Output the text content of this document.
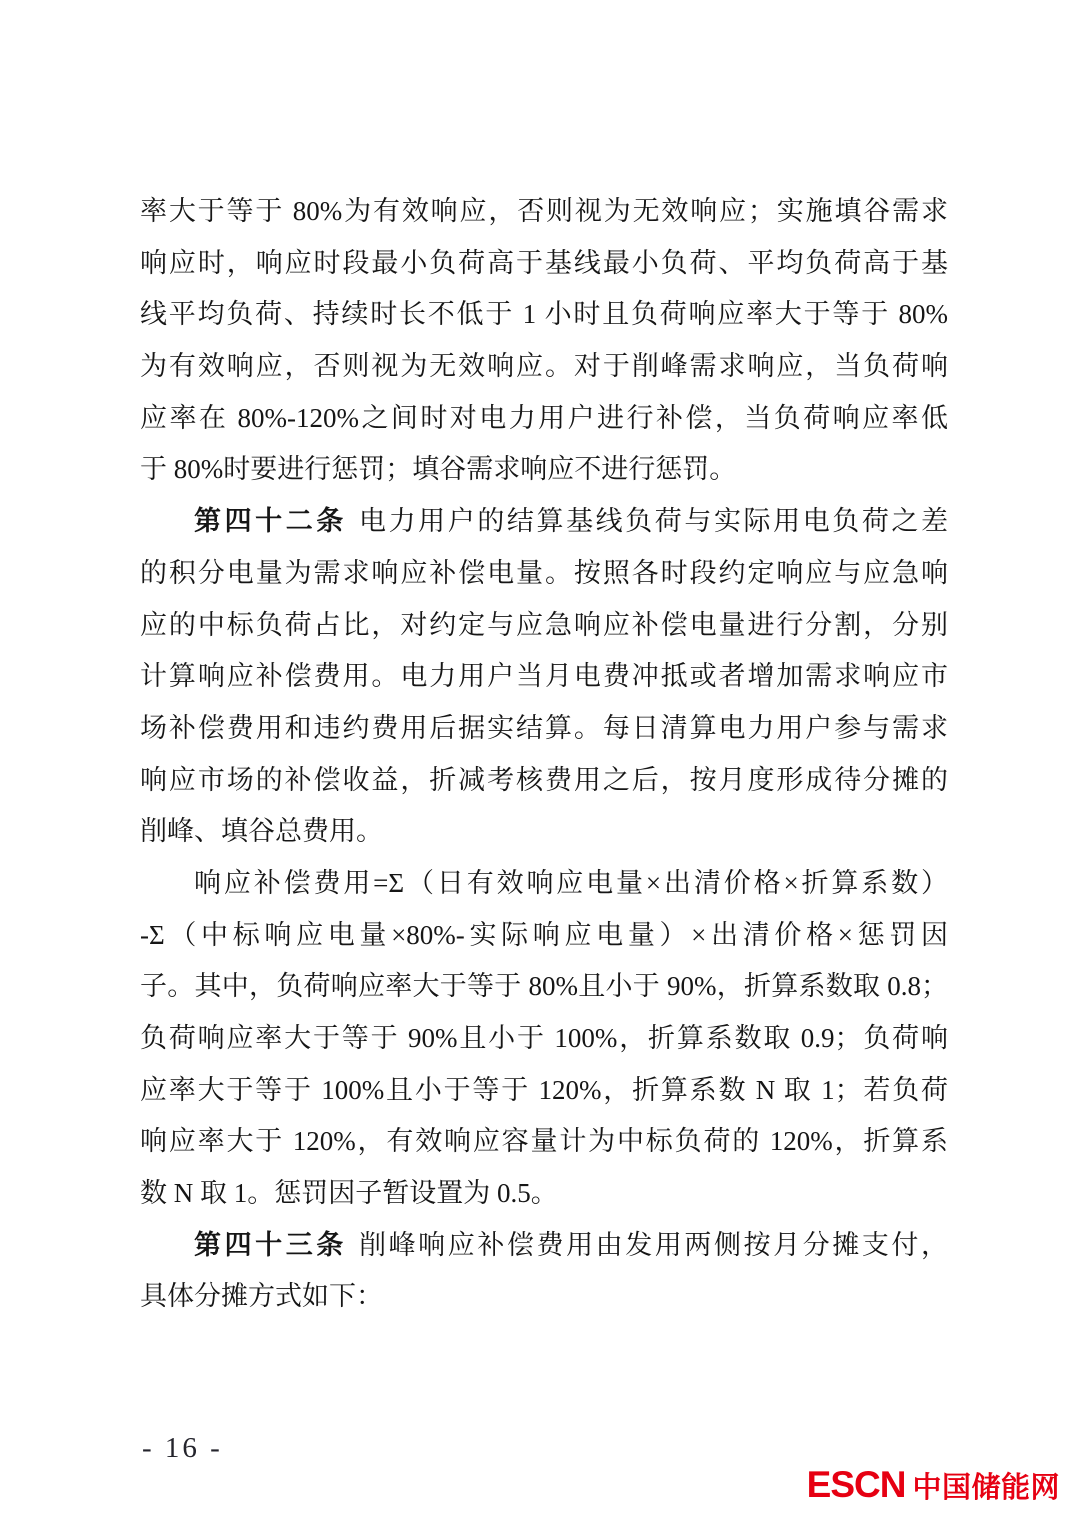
率大于等于 80%为有效响应，否则视为无效响应；实施填谷需求
响应时，响应时段最小负荷高于基线最小负荷、平均负荷高于基
线平均负荷、持续时长不低于 1 小时且负荷响应率大于等于 80%
为有效响应，否则视为无效响应。对于削峰需求响应，当负荷响
应率在 80%-120%之间时对电力用户进行补偿，当负荷响应率低
于 80%时要进行惩罚；填谷需求响应不进行惩罚。
第四十二条 电力用户的结算基线负荷与实际用电负荷之差
的积分电量为需求响应补偿电量。按照各时段约定响应与应急响
应的中标负荷占比，对约定与应急响应补偿电量进行分割，分别
计算响应补偿费用。电力用户当月电费冲抵或者增加需求响应市
场补偿费用和违约费用后据实结算。每日清算电力用户参与需求
响应市场的补偿收益，折减考核费用之后，按月度形成待分摊的
削峰、填谷总费用。
响应补偿费用=Σ（日有效响应电量×出清价格×折算系数）
-Σ（中标响应电量×80%-实际响应电量）×出清价格×惩罚因
子。其中，负荷响应率大于等于 80%且小于 90%，折算系数取 0.8；
负荷响应率大于等于 90%且小于 100%，折算系数取 0.9；负荷响
应率大于等于 100%且小于等于 120%，折算系数 N 取 1；若负荷
响应率大于 120%，有效响应容量计为中标负荷的 120%，折算系
数 N 取 1。惩罚因子暂设置为 0.5。
第四十三条 削峰响应补偿费用由发用两侧按月分摊支付，
具体分摊方式如下：
- 16 -
ESCN 中国储能网
